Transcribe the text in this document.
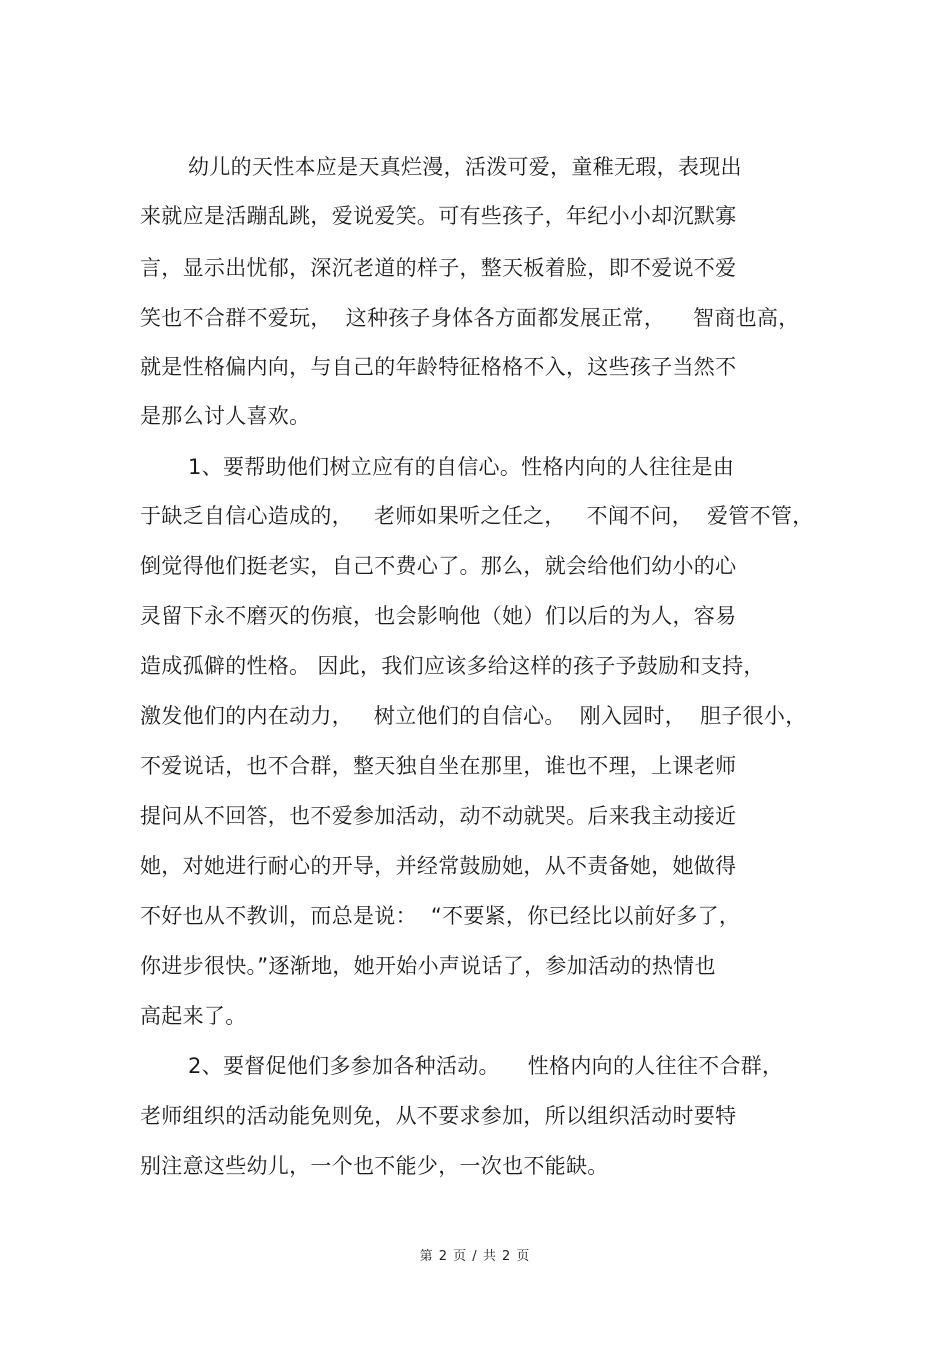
幼儿的天性本应是天真烂漫，活泼可爱，童稚无瑕，表现出
来就应是活蹦乱跳，爱说爱笑。可有些孩子，年纪小小却沉默寡
言，显示出忧郁，深沉老道的样子，整天板着脸，即不爱说不爱
笑也不合群不爱玩，  这种孩子身体各方面都发展正常，    智商也高，
就是性格偏内向，与自己的年龄特征格格不入，这些孩子当然不
是那么讨人喜欢。
1、要帮助他们树立应有的自信心。性格内向的人往往是由
于缺乏自信心造成的，   老师如果听之任之，   不闻不问，  爱管不管，
倒觉得他们挺老实，自己不费心了。那么，就会给他们幼小的心
灵留下永不磨灭的伤痕，也会影响他（她）们以后的为人，容易
造成孤僻的性格。 因此，我们应该多给这样的孩子予鼓励和支持，
激发他们的内在动力，   树立他们的自信心。  刚入园时，  胆子很小，
不爱说话，也不合群，整天独自坐在那里，谁也不理，上课老师
提问从不回答，也不爱参加活动，动不动就哭。后来我主动接近
她，对她进行耐心的开导，并经常鼓励她，从不责备她，她做得
不好也从不教训，而总是说：  “不要紧，你已经比以前好多了，
你进步很快。”逐渐地，她开始小声说话了，参加活动的热情也
高起来了。
2、要督促他们多参加各种活动。    性格内向的人往往不合群，
老师组织的活动能免则免，从不要求参加，所以组织活动时要特
别注意这些幼儿，一个也不能少，一次也不能缺。
第 2 页 / 共 2 页
